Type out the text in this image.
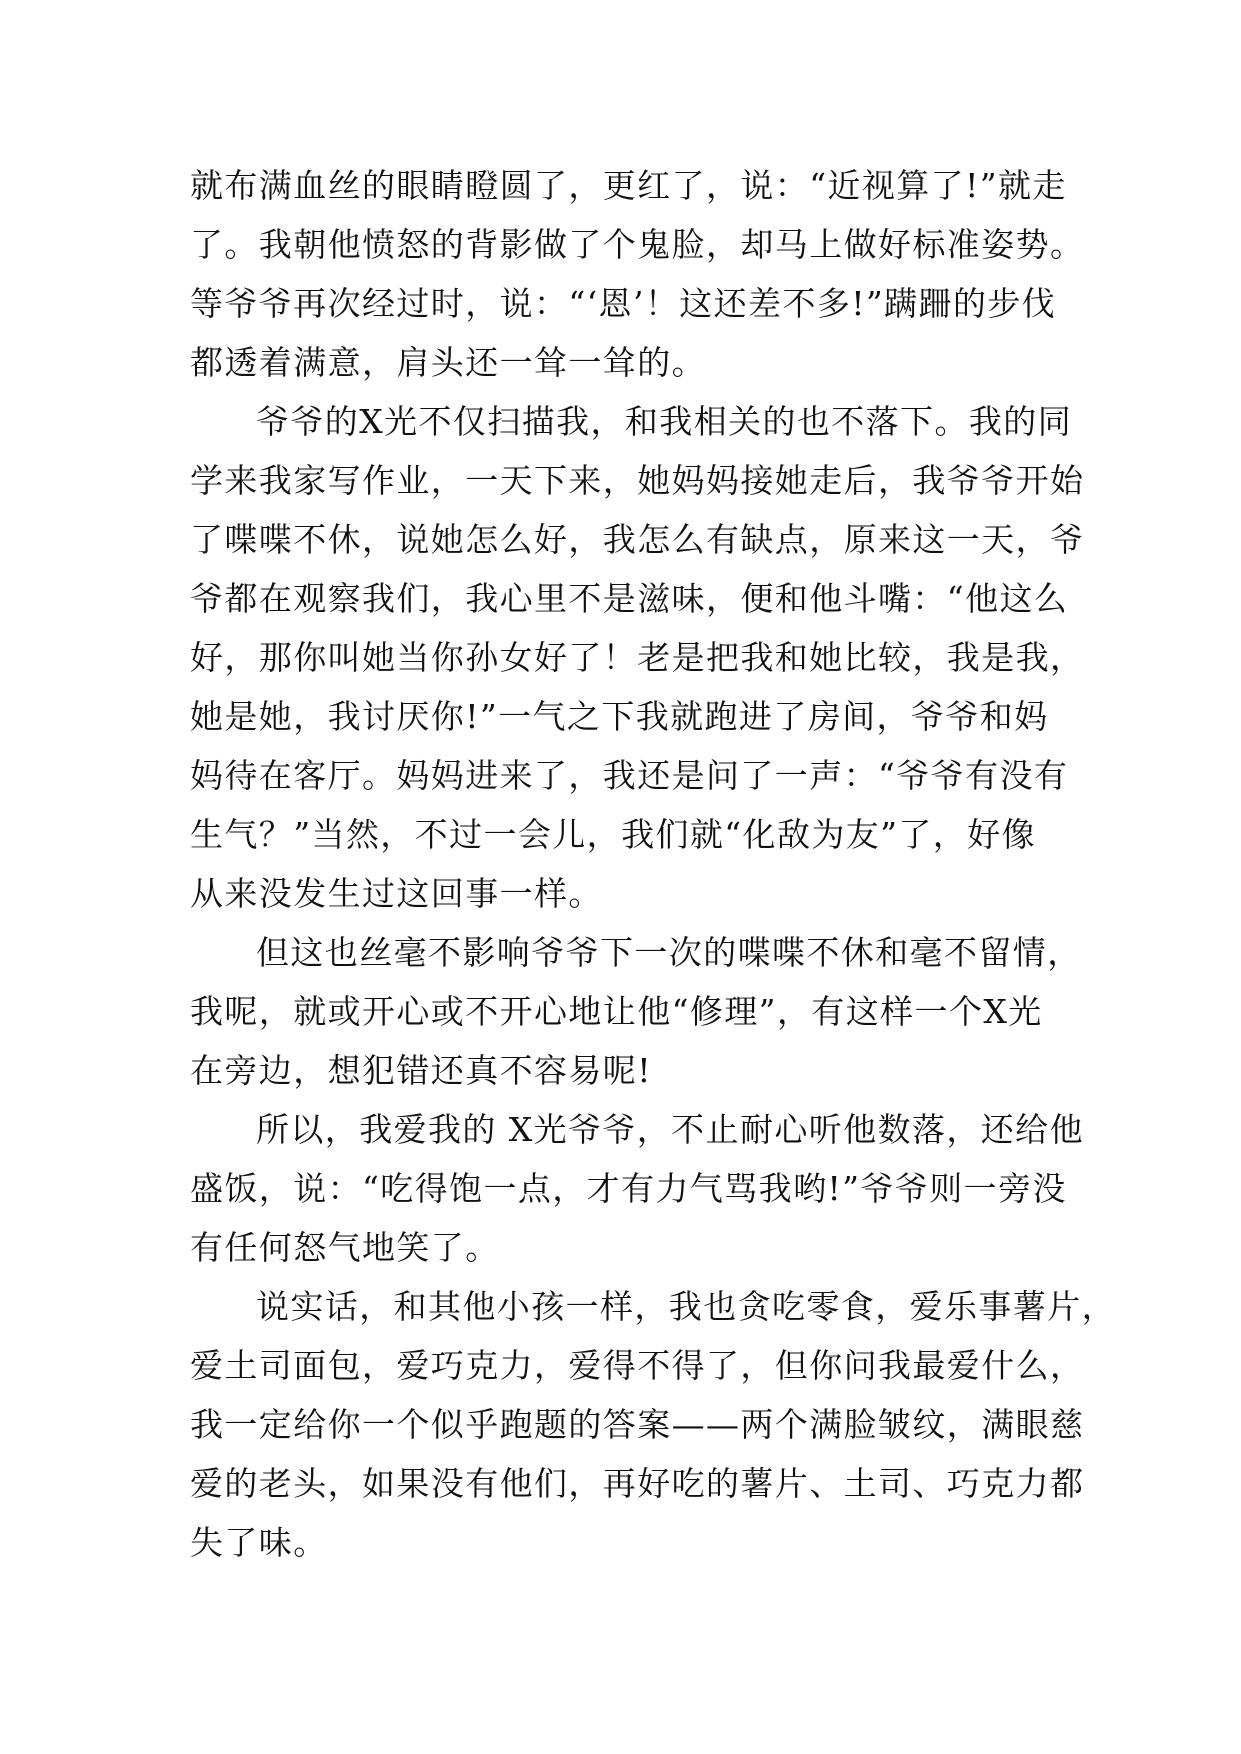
就布满血丝的眼睛瞪圆了，更红了，说：“近视算了!”就走
了。我朝他愤怒的背影做了个鬼脸，却马上做好标准姿势。
等爷爷再次经过时，说：“‘恩’！这还差不多!”蹒跚的步伐
都透着满意，肩头还一耸一耸的。
爷爷的X光不仅扫描我，和我相关的也不落下。我的同
学来我家写作业，一天下来，她妈妈接她走后，我爷爷开始
了喋喋不休，说她怎么好，我怎么有缺点，原来这一天，爷
爷都在观察我们，我心里不是滋味，便和他斗嘴：“他这么
好，那你叫她当你孙女好了！老是把我和她比较，我是我，
她是她，我讨厌你!”一气之下我就跑进了房间，爷爷和妈
妈待在客厅。妈妈进来了，我还是问了一声：“爷爷有没有
生气？”当然，不过一会儿，我们就“化敌为友”了，好像
从来没发生过这回事一样。
但这也丝毫不影响爷爷下一次的喋喋不休和毫不留情，
我呢，就或开心或不开心地让他“修理”，有这样一个X光
在旁边，想犯错还真不容易呢!
所以，我爱我的 X光爷爷，不止耐心听他数落，还给他
盛饭，说：“吃得饱一点，才有力气骂我哟!”爷爷则一旁没
有任何怒气地笑了。
说实话，和其他小孩一样，我也贪吃零食，爱乐事薯片，
爱土司面包，爱巧克力，爱得不得了，但你问我最爱什么，
我一定给你一个似乎跑题的答案——两个满脸皱纹，满眼慈
爱的老头，如果没有他们，再好吃的薯片、土司、巧克力都
失了味。
